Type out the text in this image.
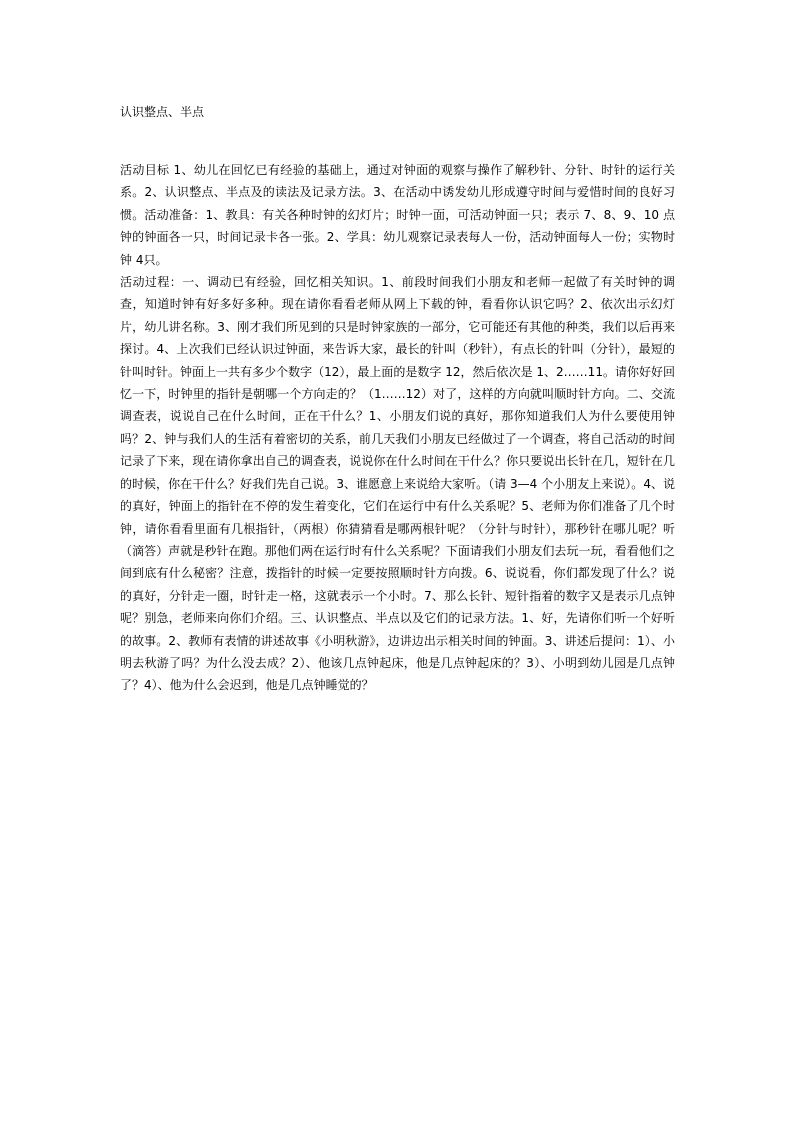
认识整点、半点

活动目标 1、幼儿在回忆已有经验的基础上，通过对钟面的观察与操作了解秒针、分针、时针的运行关系。2、认识整点、半点及的读法及记录方法。3、在活动中诱发幼儿形成遵守时间与爱惜时间的良好习惯。活动准备：1、教具：有关各种时钟的幻灯片；时钟一面，可活动钟面一只；表示 7、8、9、10 点钟的钟面各一只，时间记录卡各一张。2、学具：幼儿观察记录表每人一份，活动钟面每人一份；实物时钟 4只。

活动过程：一、调动已有经验，回忆相关知识。1、前段时间我们小朋友和老师一起做了有关时钟的调查，知道时钟有好多好多种。现在请你看看老师从网上下载的钟，看看你认识它吗？2、依次出示幻灯片，幼儿讲名称。3、刚才我们所见到的只是时钟家族的一部分，它可能还有其他的种类，我们以后再来探讨。4、上次我们已经认识过钟面，来告诉大家，最长的针叫（秒针），有点长的针叫（分针），最短的针叫时针。钟面上一共有多少个数字（12），最上面的是数字 12，然后依次是 1、2……11。请你好好回忆一下，时钟里的指针是朝哪一个方向走的？（1……12）对了，这样的方向就叫顺时针方向。二、交流调查表，说说自己在什么时间，正在干什么？1、小朋友们说的真好，那你知道我们人为什么要使用钟吗？2、钟与我们人的生活有着密切的关系，前几天我们小朋友已经做过了一个调查，将自己活动的时间记录了下来，现在请你拿出自己的调查表，说说你在什么时间在干什么？你只要说出长针在几，短针在几的时候，你在干什么？好我们先自己说。3、谁愿意上来说给大家听。（请 3—4 个小朋友上来说）。4、说的真好，钟面上的指针在不停的发生着变化，它们在运行中有什么关系呢？5、老师为你们准备了几个时钟，请你看看里面有几根指针，（两根）你猜猜看是哪两根针呢？（分针与时针），那秒针在哪儿呢？听（滴答）声就是秒针在跑。那他们两在运行时有什么关系呢？下面请我们小朋友们去玩一玩，看看他们之间到底有什么秘密？注意，拨指针的时候一定要按照顺时针方向拨。6、说说看，你们都发现了什么？说的真好，分针走一圈，时针走一格，这就表示一个小时。7、那么长针、短针指着的数字又是表示几点钟呢？别急，老师来向你们介绍。三、认识整点、半点以及它们的记录方法。1、好，先请你们听一个好听的故事。2、教师有表情的讲述故事《小明秋游》，边讲边出示相关时间的钟面。3、讲述后提问：1）、小明去秋游了吗？为什么没去成？2）、他该几点钟起床，他是几点钟起床的？3）、小明到幼儿园是几点钟了？4）、他为什么会迟到，他是几点钟睡觉的？
